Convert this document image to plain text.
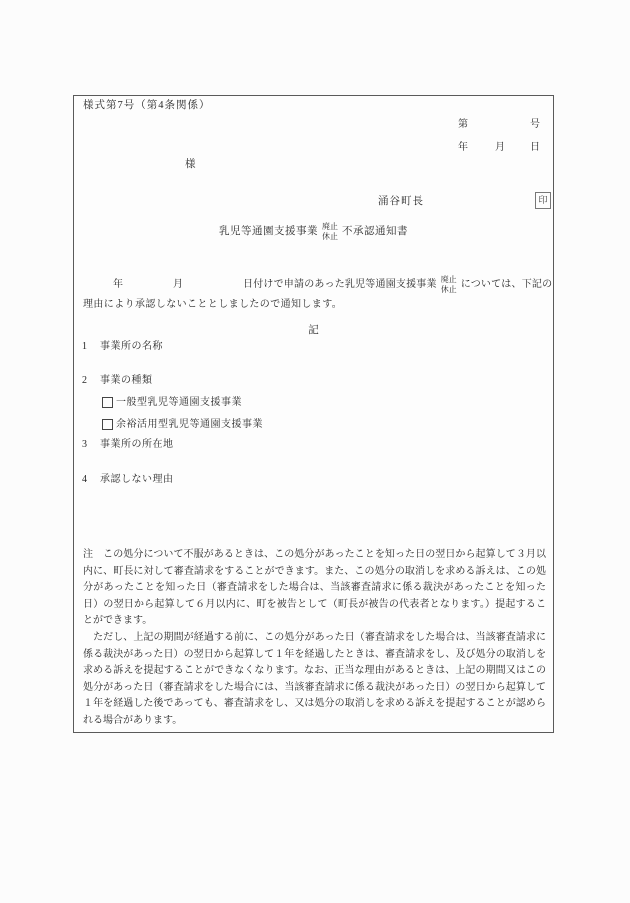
様式第7号（第4条関係）
第	号
年	月	日
様
涌谷町長	印
乳児等通園支援事業 廃止
休止 不承認通知書
年	月	日付けで申請のあった乳児等通園支援事業 廃止
休止 については、下記の
理由により承認しないこととしましたので通知します。
記
1 事業所の名称
2 事業の種類
一般型乳児等通園支援事業
余裕活用型乳児等通園支援事業
3 事業所の所在地
4 承認しない理由

注　この処分について不服があるときは、この処分があったことを知った日の翌日から起算して３月以内に、町長に対して審査請求をすることができます。また、この処分の取消しを求める訴えは、この処分があったことを知った日（審査請求をした場合は、当該審査請求に係る裁決があったことを知った日）の翌日から起算して６月以内に、町を被告として（町長が被告の代表者となります。）提起することができます。

　ただし、上記の期間が経過する前に、この処分があった日（審査請求をした場合は、当該審査請求に係る裁決があった日）の翌日から起算して１年を経過したときは、審査請求をし、及び処分の取消しを求める訴えを提起することができなくなります。なお、正当な理由があるときは、上記の期間又はこの処分があった日（審査請求をした場合には、当該審査請求に係る裁決があった日）の翌日から起算して１年を経過した後であっても、審査請求をし、又は処分の取消しを求める訴えを提起することが認められる場合があります。
